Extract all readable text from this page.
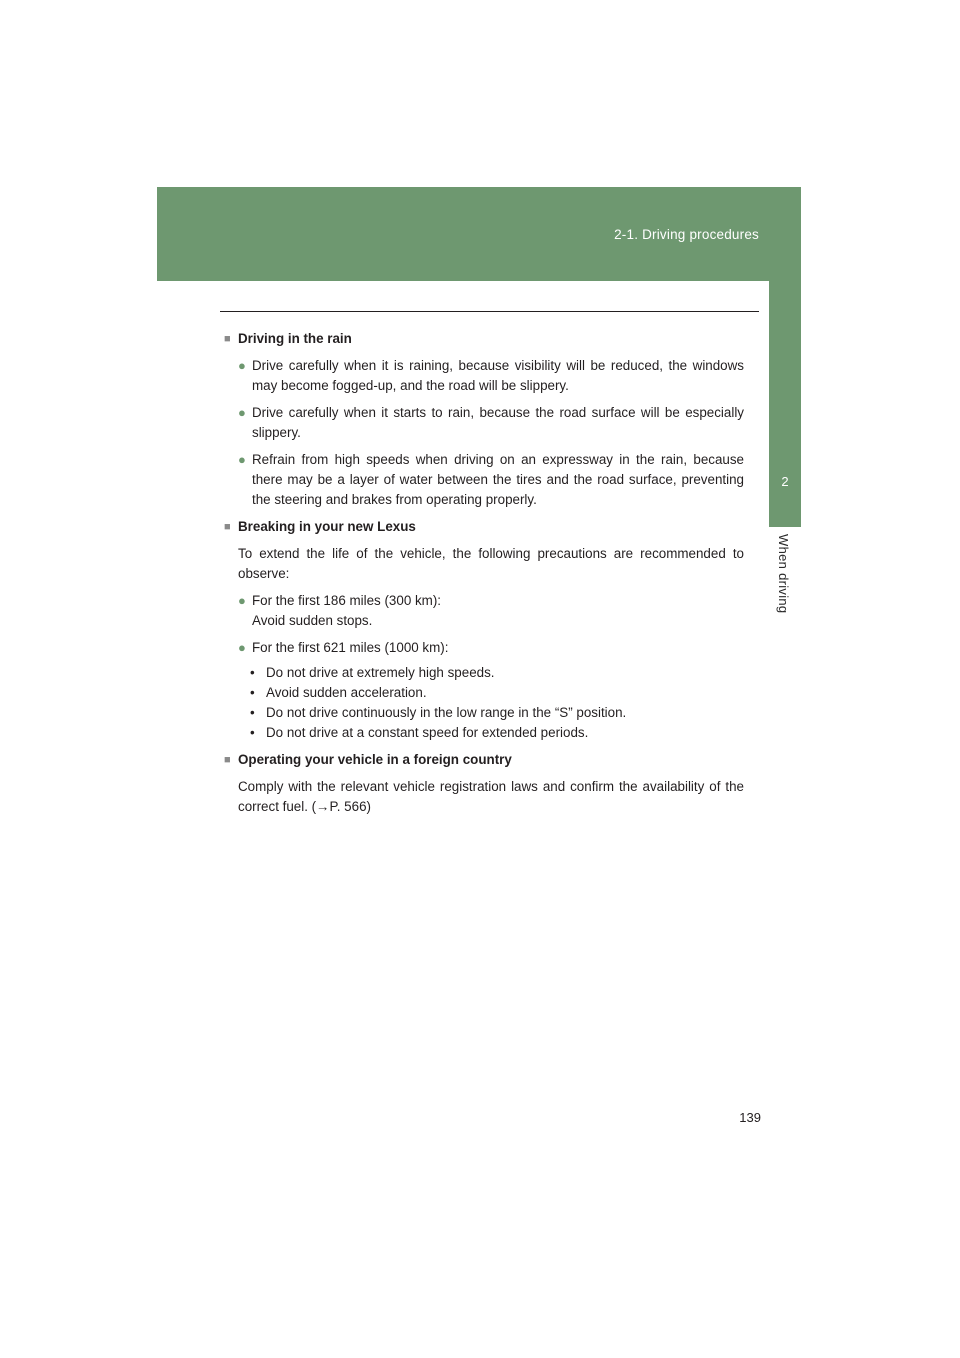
2-1. Driving procedures
2
When driving
■ Driving in the rain
● Drive carefully when it is raining, because visibility will be reduced, the windows may become fogged-up, and the road will be slippery.
● Drive carefully when it starts to rain, because the road surface will be especially slippery.
● Refrain from high speeds when driving on an expressway in the rain, because there may be a layer of water between the tires and the road surface, preventing the steering and brakes from operating properly.
■ Breaking in your new Lexus
To extend the life of the vehicle, the following precautions are recommended to observe:
● For the first 186 miles (300 km):
Avoid sudden stops.
● For the first 621 miles (1000 km):
• Do not drive at extremely high speeds.
• Avoid sudden acceleration.
• Do not drive continuously in the low range in the “S” position.
• Do not drive at a constant speed for extended periods.
■ Operating your vehicle in a foreign country
Comply with the relevant vehicle registration laws and confirm the availability of the correct fuel. (→P. 566)
139
